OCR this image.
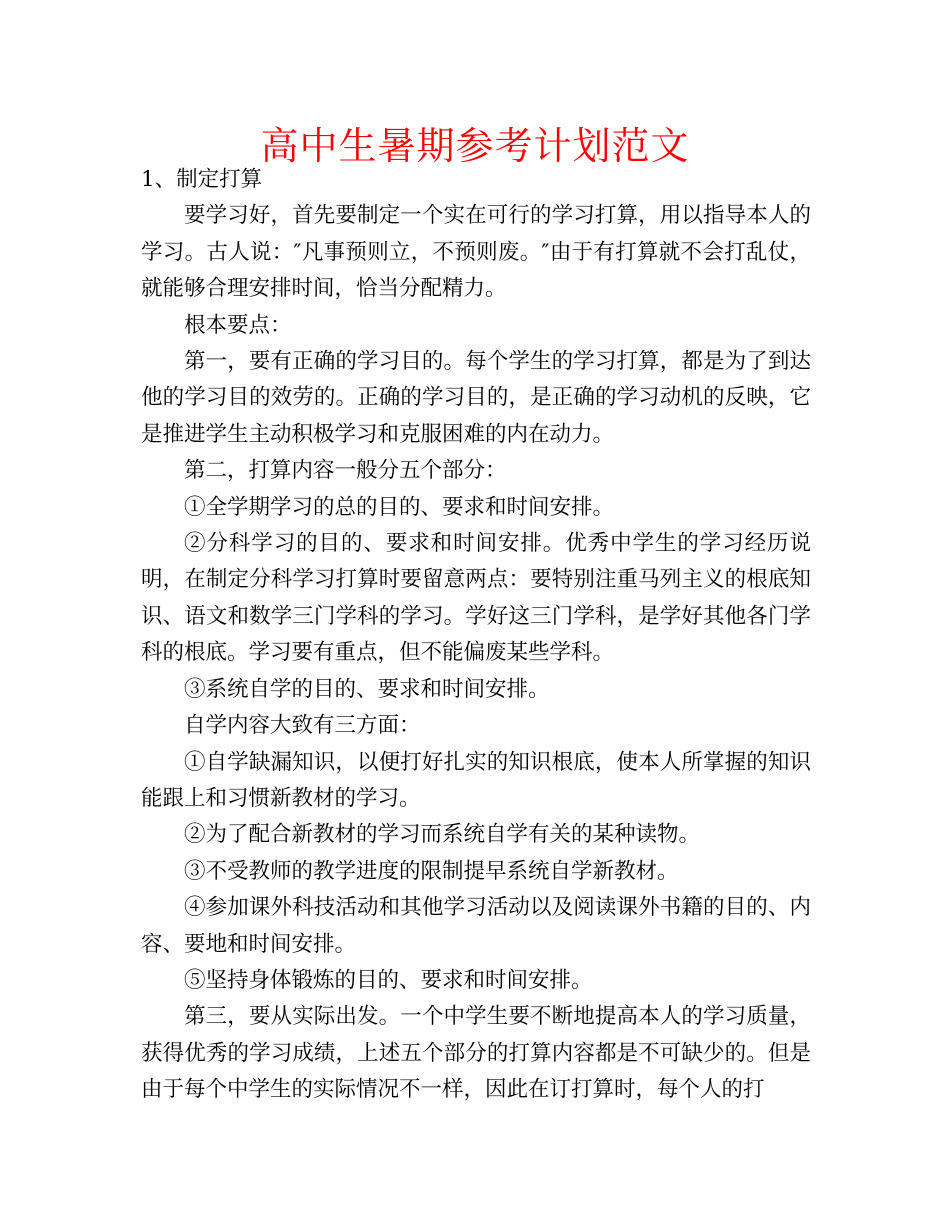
高中生暑期参考计划范文

1、制定打算

要学习好，首先要制定一个实在可行的学习打算，用以指导本人的学习。古人说：″凡事预则立，不预则废。″由于有打算就不会打乱仗，就能够合理安排时间，恰当分配精力。

根本要点：

第一，要有正确的学习目的。每个学生的学习打算，都是为了到达他的学习目的效劳的。正确的学习目的，是正确的学习动机的反映，它是推进学生主动积极学习和克服困难的内在动力。

第二，打算内容一般分五个部分：

①全学期学习的总的目的、要求和时间安排。

②分科学习的目的、要求和时间安排。优秀中学生的学习经历说明，在制定分科学习打算时要留意两点：要特别注重马列主义的根底知识、语文和数学三门学科的学习。学好这三门学科，是学好其他各门学科的根底。学习要有重点，但不能偏废某些学科。

③系统自学的目的、要求和时间安排。

自学内容大致有三方面：

①自学缺漏知识，以便打好扎实的知识根底，使本人所掌握的知识能跟上和习惯新教材的学习。

②为了配合新教材的学习而系统自学有关的某种读物。

③不受教师的教学进度的限制提早系统自学新教材。

④参加课外科技活动和其他学习活动以及阅读课外书籍的目的、内容、要地和时间安排。

⑤坚持身体锻炼的目的、要求和时间安排。

第三，要从实际出发。一个中学生要不断地提高本人的学习质量，获得优秀的学习成绩，上述五个部分的打算内容都是不可缺少的。但是由于每个中学生的实际情况不一样，因此在订打算时，每个人的打
